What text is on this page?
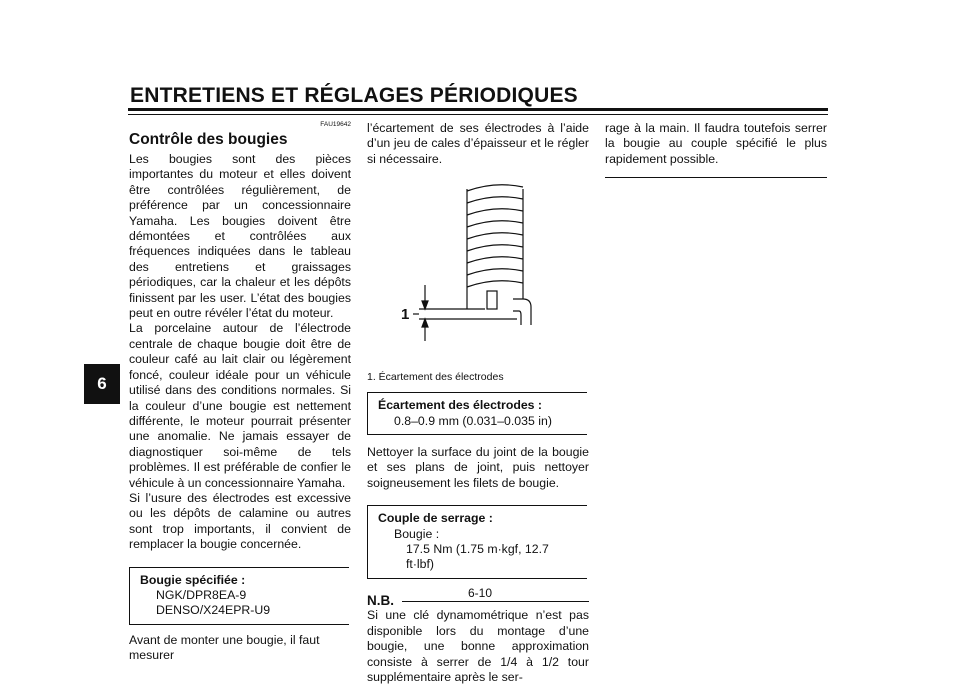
ENTRETIENS ET RÉGLAGES PÉRIODIQUES
6
FAU19642
Contrôle des bougies

Les bougies sont des pièces importantes du moteur et elles doivent être contrôlées régulièrement, de préférence par un concessionnaire Yamaha. Les bougies doivent être démontées et contrôlées aux fréquences indiquées dans le tableau des entretiens et graissages périodiques, car la chaleur et les dépôts finissent par les user. L’état des bougies peut en outre révéler l’état du moteur.

La porcelaine autour de l’électrode centrale de chaque bougie doit être de couleur café au lait clair ou légèrement foncé, couleur idéale pour un véhicule utilisé dans des conditions normales. Si la couleur d’une bougie est nettement différente, le moteur pourrait présenter une anomalie. Ne jamais essayer de diagnostiquer soi-même de tels problèmes. Il est préférable de confier le véhicule à un concessionnaire Yamaha.

Si l’usure des électrodes est excessive ou les dépôts de calamine ou autres sont trop importants, il convient de remplacer la bougie concernée.

Bougie spécifiée :
NGK/DPR8EA-9
DENSO/X24EPR-U9

Avant de monter une bougie, il faut mesurer

l’écartement de ses électrodes à l’aide d’un jeu de cales d’épaisseur et le régler si nécessaire.

1
1. Écartement des électrodes
Écartement des électrodes :
0.8–0.9 mm (0.031–0.035 in)

Nettoyer la surface du joint de la bougie et ses plans de joint, puis nettoyer soigneusement les filets de bougie.

Couple de serrage :
Bougie :
17.5 Nm (1.75 m·kgf, 12.7 ft·lbf)
N.B.

Si une clé dynamométrique n’est pas disponible lors du montage d’une bougie, une bonne approximation consiste à serrer de 1/4 à 1/2 tour supplémentaire après le ser-

rage à la main. Il faudra toutefois serrer la bougie au couple spécifié le plus rapidement possible.

6-10
